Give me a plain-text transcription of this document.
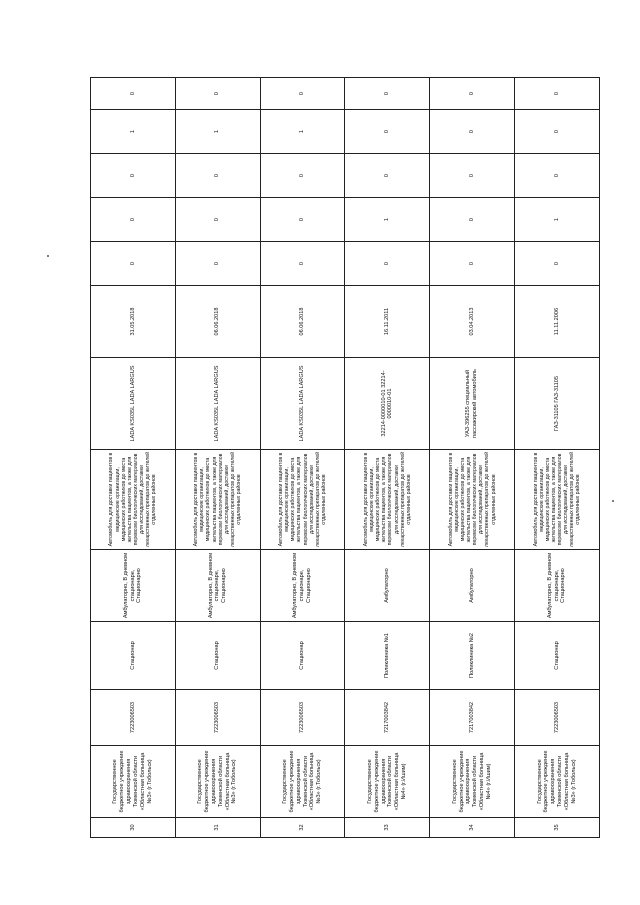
30	Государственное бюджетное учреждение здравоохранения Тюменской области «Областная больница №3» (г.Тобольск)	7223006503	Стационар	Амбулаторно, В дневном стационаре, Стационарно	Автомобиль для доставки пациентов в медицинские организации, медицинских работников до места жительства пациентов, а также для перевозки биологических материалов для исследований, доставки лекарственных препаратов до жителей отдаленных районов	LADA KS035L LADA LARGUS	31.05.2018	0	0	0	1	0
31	Государственное бюджетное учреждение здравоохранения Тюменской области «Областная больница №3» (г.Тобольск)	7223006503	Стационар	Амбулаторно, В дневном стационаре, Стационарно	Автомобиль для доставки пациентов в медицинские организации, медицинских работников до места жительства пациентов, а также для перевозки биологических материалов для исследований, доставки лекарственных препаратов до жителей отдаленных районов	LADA KS035L LADA LARGUS	06.06.2018	0	0	0	1	0
32	Государственное бюджетное учреждение здравоохранения Тюменской области «Областная больница №3» (г.Тобольск)	7223006503	Стационар	Амбулаторно, В дневном стационаре, Стационарно	Автомобиль для доставки пациентов в медицинские организации, медицинских работников до места жительства пациентов, а также для перевозки биологических материалов для исследований, доставки лекарственных препаратов до жителей отдаленных районов	LADA KS035L LADA LARGUS	06.06.2018	0	0	0	1	0
33	Государственное бюджетное учреждение здравоохранения Тюменской области «Областная больница №4» (г.Ишим)	7217003842	Поликлиника №1	Амбулаторно	Автомобиль для доставки пациентов в медицинские организации, медицинских работников до места жительства пациентов, а также для перевозки биологических материалов для исследований, доставки лекарственных препаратов до жителей отдаленных районов	32214-0000010-01 32214-0000010-01	16.11.2011	0	1	0	0	0
34	Государственное бюджетное учреждение здравоохранения Тюменской области «Областная больница №4» (г.Ишим)	7217003842	Поликлиника №2	Амбулаторно	Автомобиль для доставки пациентов в медицинские организации, медицинских работников до места жительства пациентов, а также для перевозки биологических материалов для исследований, доставки лекарственных препаратов до жителей отдаленных районов	УАЗ-396255 специальный пассажирский автомобиль	03.04.2013	0	0	0	0	0
35	Государственное бюджетное учреждение здравоохранения Тюменской области «Областная больница №3» (г.Тобольск)	7223006503	Стационар	Амбулаторно, В дневном стационаре, Стационарно	Автомобиль для доставки пациентов в медицинские организации, медицинских работников до места жительства пациентов, а также для перевозки биологических материалов для исследований, доставки лекарственных препаратов до жителей отдаленных районов	ГАЗ-31105 ГАЗ-31105	11.11.2006	0	1	0	0	0
